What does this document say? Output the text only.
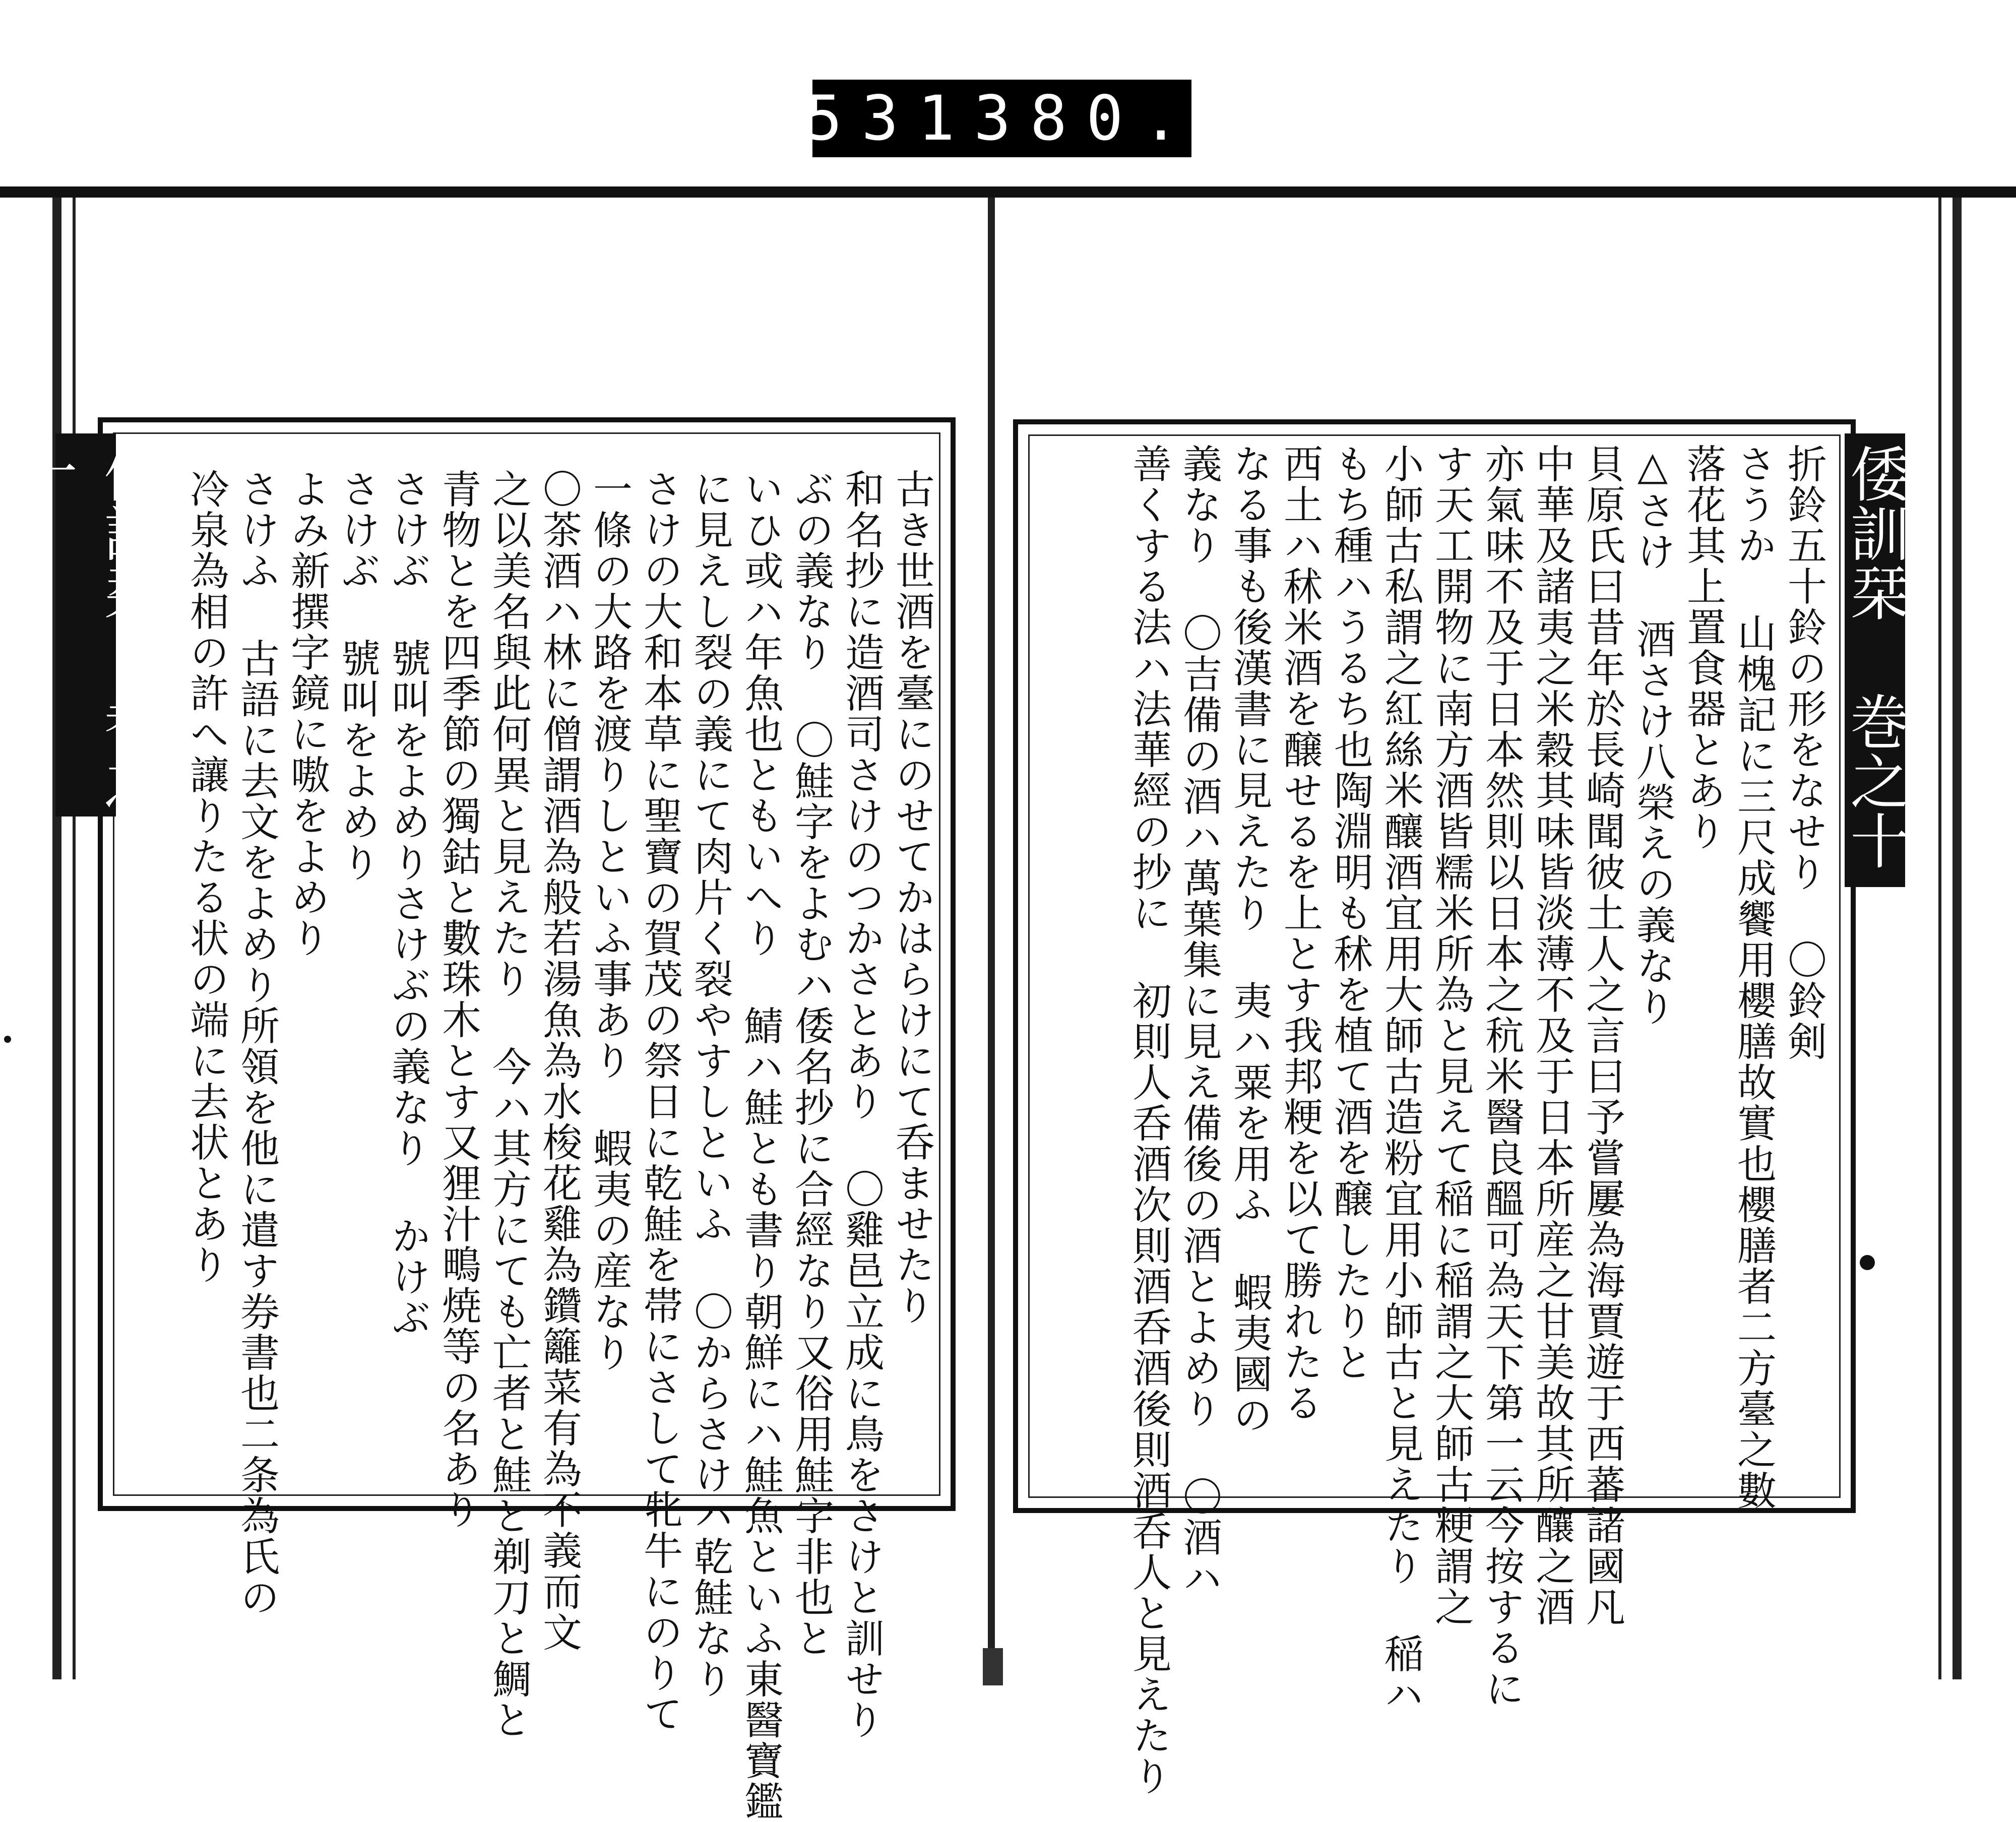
531 380.
倭訓栞 巻之十	古き世酒を臺にのせてかはらけにて呑ませたり
和名抄に造酒司さけのつかさとあり 〇雞邑立成に鳥をさけと訓せり
ぶの義なり 〇鮭字をよむハ倭名抄に合經なり又俗用鮭字非也と
いひ或ハ年魚也ともいへり 鯖ハ鮭とも書り朝鮮にハ鮭魚といふ東醫寶鑑
に見えし裂の義にて肉片く裂やすしといふ 〇からさけハ乾鮭なり
さけの大和本草に聖寶の賀茂の祭日に乾鮭を帯にさして牝牛にのりて
一條の大路を渡りしといふ事あり 蝦夷の産なり
〇茶酒ハ林に僧謂酒為般若湯魚為水梭花雞為鑽籬菜有為不義而文
之以美名與此何異と見えたり 今ハ其方にても亡者と鮭と剃刀と鯛と
青物とを四季節の獨鈷と數珠木とす又狸汁鴫焼等の名あり
さけぶ 號叫をよめりさけぶの義なり かけぶ
さけぶ 號叫をよめり
よみ新撰字鏡に嗷をよめり
さけふ 古語に去文をよめり所領を他に遣す券書也二条為氏の
冷泉為相の許へ讓りたる状の端に去状とあり	倭訓栞 巻之十
折鈴五十鈴の形をなせり 〇鈴剣
さうか 山槐記に三尺成饗用櫻膳故實也櫻膳者二方臺之數
落花其上置食器とあり
△さけ 酒さけ八榮えの義なり
貝原氏曰昔年於長崎聞彼土人之言曰予嘗屢為海賈遊于西蕃諸國凡
中華及諸夷之米穀其味皆淡薄不及于日本所産之甘美故其所釀之酒
亦氣味不及于日本然則以日本之秔米醫良醞可為天下第一云今按するに
す天工開物に南方酒皆糯米所為と見えて稲に稲謂之大師古粳謂之
小師古私謂之紅絲米釀酒宜用大師古造粉宜用小師古と見えたり 稲ハ
もち種ハうるち也陶淵明も秫を植て酒を醸したりと
西土ハ秫米酒を醸せるを上とす我邦粳を以て勝れたる
なる事も後漢書に見えたり 夷ハ粟を用ふ 蝦夷國の
義なり 〇吉備の酒ハ萬葉集に見え備後の酒とよめり 〇酒ハ
善くする法ハ法華經の抄に 初則人呑酒次則酒呑酒後則酒呑人と見えたり
